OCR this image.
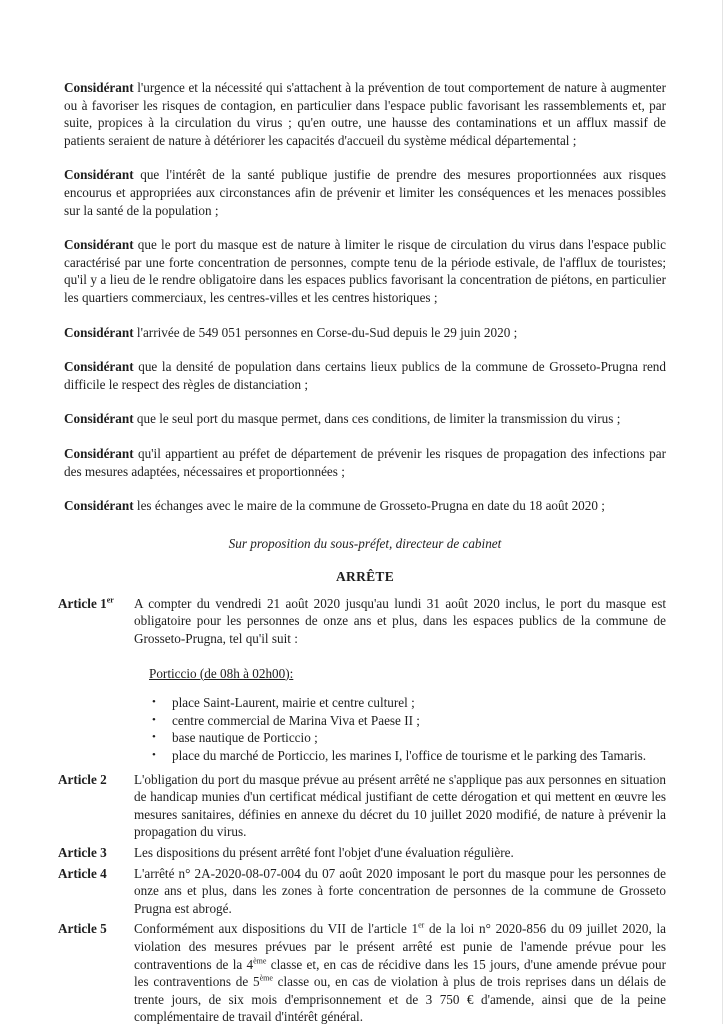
Considérant l'urgence et la nécessité qui s'attachent à la prévention de tout comportement de nature à augmenter ou à favoriser les risques de contagion, en particulier dans l'espace public favorisant les rassemblements et, par suite, propices à la circulation du virus ; qu'en outre, une hausse des contaminations et un afflux massif de patients seraient de nature à détériorer les capacités d'accueil du système médical départemental ;

Considérant que l'intérêt de la santé publique justifie de prendre des mesures proportionnées aux risques encourus et appropriées aux circonstances afin de prévenir et limiter les conséquences et les menaces possibles sur la santé de la population ;

Considérant que le port du masque est de nature à limiter le risque de circulation du virus dans l'espace public caractérisé par une forte concentration de personnes, compte tenu de la période estivale, de l'afflux de touristes; qu'il y a lieu de le rendre obligatoire dans les espaces publics favorisant la concentration de piétons, en particulier les quartiers commerciaux, les centres-villes et les centres historiques ;

Considérant l'arrivée de 549 051 personnes en Corse-du-Sud depuis le 29 juin 2020 ;

Considérant que la densité de population dans certains lieux publics de la commune de Grosseto-Prugna rend difficile le respect des règles de distanciation ;

Considérant que le seul port du masque permet, dans ces conditions, de limiter la transmission du virus ;

Considérant qu'il appartient au préfet de département de prévenir les risques de propagation des infections par des mesures adaptées, nécessaires et proportionnées ;

Considérant les échanges avec le maire de la commune de Grosseto-Prugna en date du 18 août 2020 ;

Sur proposition du sous-préfet, directeur de cabinet

ARRÊTE

Article 1er	A compter du vendredi 21 août 2020 jusqu'au lundi 31 août 2020 inclus, le port du masque est obligatoire pour les personnes de onze ans et plus, dans les espaces publics de la commune de Grosseto-Prugna, tel qu'il suit :
Porticcio (de 08h à 02h00):
• place Saint-Laurent, mairie et centre culturel ;
• centre commercial de Marina Viva et Paese II ;
• base nautique de Porticcio ;
• place du marché de Porticcio, les marines I, l'office de tourisme et le parking des Tamaris.
Article 2	L'obligation du port du masque prévue au présent arrêté ne s'applique pas aux personnes en situation de handicap munies d'un certificat médical justifiant de cette dérogation et qui mettent en œuvre les mesures sanitaires, définies en annexe du décret du 10 juillet 2020 modifié, de nature à prévenir la propagation du virus.
Article 3	Les dispositions du présent arrêté font l'objet d'une évaluation régulière.
Article 4	L'arrêté n° 2A-2020-08-07-004 du 07 août 2020 imposant le port du masque pour les personnes de onze ans et plus, dans les zones à forte concentration de personnes de la commune de Grosseto Prugna est abrogé.
Article 5	Conformément aux dispositions du VII de l'article 1er de la loi n° 2020-856 du 09 juillet 2020, la violation des mesures prévues par le présent arrêté est punie de l'amende prévue pour les contraventions de la 4ème classe et, en cas de récidive dans les 15 jours, d'une amende prévue pour les contraventions de 5ème classe ou, en cas de violation à plus de trois reprises dans un délais de trente jours, de six mois d'emprisonnement et de 3 750 € d'amende, ainsi que de la peine complémentaire de travail d'intérêt général.
